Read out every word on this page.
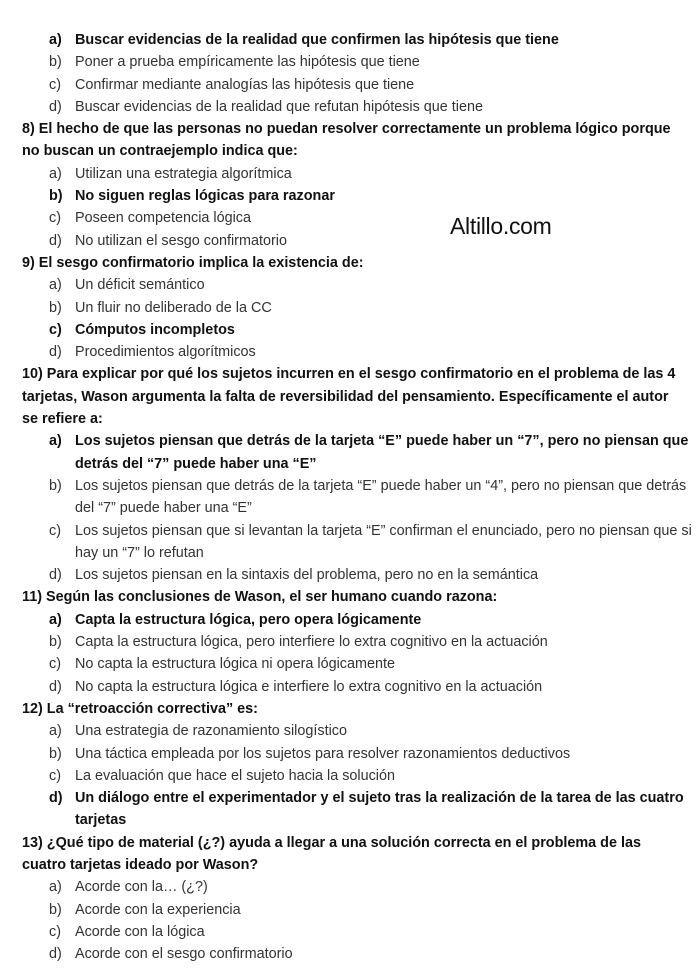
a) Buscar evidencias de la realidad que confirmen las hipótesis que tiene
b) Poner a prueba empíricamente las hipótesis que tiene
c) Confirmar mediante analogías las hipótesis que tiene
d) Buscar evidencias de la realidad que refutan hipótesis que tiene
8) El hecho de que las personas no puedan resolver correctamente un problema lógico porque no buscan un contraejemplo indica que:
a) Utilizan una estrategia algorítmica
b) No siguen reglas lógicas para razonar
c) Poseen competencia lógica
d) No utilizan el sesgo confirmatorio
9) El sesgo confirmatorio implica la existencia de:
a) Un déficit semántico
b) Un fluir no deliberado de la CC
c) Cómputos incompletos
d) Procedimientos algorítmicos
10) Para explicar por qué los sujetos incurren en el sesgo confirmatorio en el problema de las 4 tarjetas, Wason argumenta la falta de reversibilidad del pensamiento. Específicamente el autor se refiere a:
a) Los sujetos piensan que detrás de la tarjeta “E” puede haber un “7”, pero no piensan que detrás del “7” puede haber una “E”
b) Los sujetos piensan que detrás de la tarjeta “E” puede haber un “4”, pero no piensan que detrás del “7” puede haber una “E”
c) Los sujetos piensan que si levantan la tarjeta “E” confirman el enunciado, pero no piensan que si hay un “7” lo refutan
d) Los sujetos piensan en la sintaxis del problema, pero no en la semántica
11) Según las conclusiones de Wason, el ser humano cuando razona:
a) Capta la estructura lógica, pero opera lógicamente
b) Capta la estructura lógica, pero interfiere lo extra cognitivo en la actuación
c) No capta la estructura lógica ni opera lógicamente
d) No capta la estructura lógica e interfiere lo extra cognitivo en la actuación
12) La “retroacción correctiva” es:
a) Una estrategia de razonamiento silogístico
b) Una táctica empleada por los sujetos para resolver razonamientos deductivos
c) La evaluación que hace el sujeto hacia la solución
d) Un diálogo entre el experimentador y el sujeto tras la realización de la tarea de las cuatro tarjetas
13) ¿Qué tipo de material (¿?) ayuda a llegar a una solución correcta en el problema de las cuatro tarjetas ideado por Wason?
a) Acorde con la… (¿?)
b) Acorde con la experiencia
c) Acorde con la lógica
d) Acorde con el sesgo confirmatorio
Altillo.com
